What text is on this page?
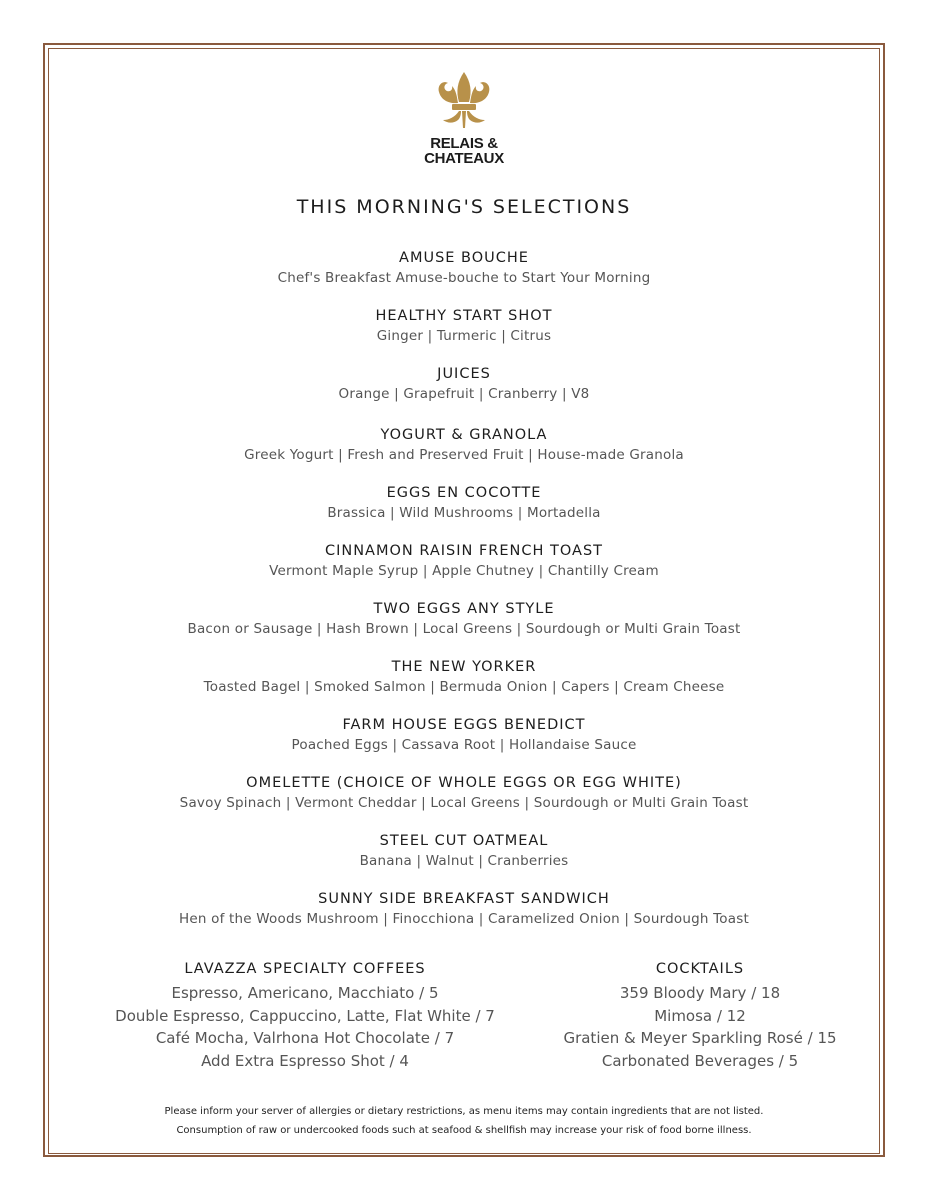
RELAIS &
CHATEAUX
THIS MORNING'S SELECTIONS
AMUSE BOUCHE
Chef's Breakfast Amuse-bouche to Start Your Morning
HEALTHY START SHOT
Ginger | Turmeric | Citrus
JUICES
Orange | Grapefruit | Cranberry | V8
YOGURT & GRANOLA
Greek Yogurt | Fresh and Preserved Fruit | House-made Granola
EGGS EN COCOTTE
Brassica | Wild Mushrooms | Mortadella
CINNAMON RAISIN FRENCH TOAST
Vermont Maple Syrup | Apple Chutney | Chantilly Cream
TWO EGGS ANY STYLE
Bacon or Sausage | Hash Brown | Local Greens | Sourdough or Multi Grain Toast
THE NEW YORKER
Toasted Bagel | Smoked Salmon | Bermuda Onion | Capers | Cream Cheese
FARM HOUSE EGGS BENEDICT
Poached Eggs | Cassava Root | Hollandaise Sauce
OMELETTE (CHOICE OF WHOLE EGGS OR EGG WHITE)
Savoy Spinach | Vermont Cheddar | Local Greens | Sourdough or Multi Grain Toast
STEEL CUT OATMEAL
Banana | Walnut | Cranberries
SUNNY SIDE BREAKFAST SANDWICH
Hen of the Woods Mushroom | Finocchiona | Caramelized Onion | Sourdough Toast
LAVAZZA SPECIALTY COFFEES
Espresso, Americano, Macchiato / 5
Double Espresso, Cappuccino, Latte, Flat White / 7
Café Mocha, Valrhona Hot Chocolate / 7
Add Extra Espresso Shot / 4
COCKTAILS
359 Bloody Mary / 18
Mimosa / 12
Gratien & Meyer Sparkling Rosé / 15
Carbonated Beverages / 5
Please inform your server of allergies or dietary restrictions, as menu items may contain ingredients that are not listed.
Consumption of raw or undercooked foods such at seafood & shellfish may increase your risk of food borne illness.
